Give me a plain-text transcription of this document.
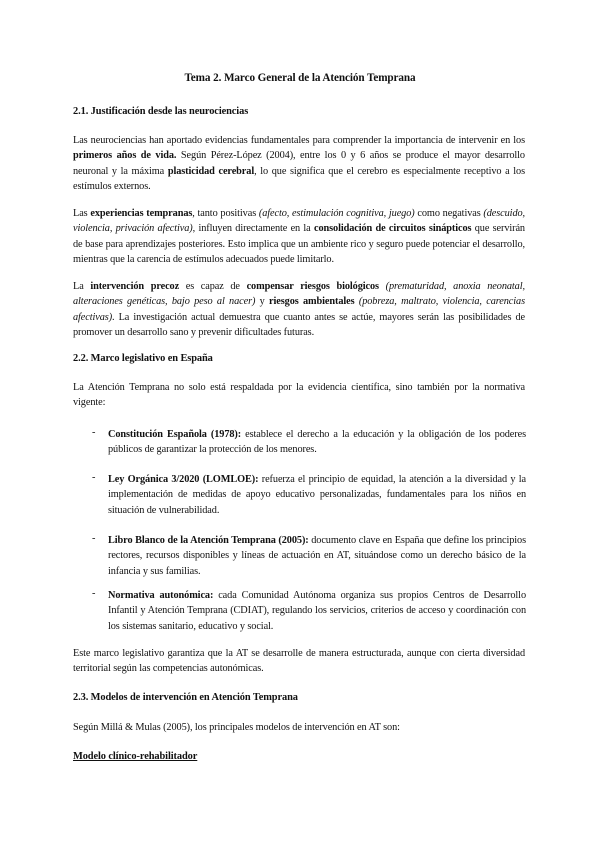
Tema 2. Marco General de la Atención Temprana
2.1. Justificación desde las neurociencias
Las neurociencias han aportado evidencias fundamentales para comprender la importancia de intervenir en los primeros años de vida. Según Pérez-López (2004), entre los 0 y 6 años se produce el mayor desarrollo neuronal y la máxima plasticidad cerebral, lo que significa que el cerebro es especialmente receptivo a los estímulos externos.
Las experiencias tempranas, tanto positivas (afecto, estimulación cognitiva, juego) como negativas (descuido, violencia, privación afectiva), influyen directamente en la consolidación de circuitos sinápticos que servirán de base para aprendizajes posteriores. Esto implica que un ambiente rico y seguro puede potenciar el desarrollo, mientras que la carencia de estímulos adecuados puede limitarlo.
La intervención precoz es capaz de compensar riesgos biológicos (prematuridad, anoxia neonatal, alteraciones genéticas, bajo peso al nacer) y riesgos ambientales (pobreza, maltrato, violencia, carencias afectivas). La investigación actual demuestra que cuanto antes se actúe, mayores serán las posibilidades de promover un desarrollo sano y prevenir dificultades futuras.
2.2. Marco legislativo en España
La Atención Temprana no solo está respaldada por la evidencia científica, sino también por la normativa vigente:
- Constitución Española (1978): establece el derecho a la educación y la obligación de los poderes públicos de garantizar la protección de los menores.
- Ley Orgánica 3/2020 (LOMLOE): refuerza el principio de equidad, la atención a la diversidad y la implementación de medidas de apoyo educativo personalizadas, fundamentales para los niños en situación de vulnerabilidad.
- Libro Blanco de la Atención Temprana (2005): documento clave en España que define los principios rectores, recursos disponibles y líneas de actuación en AT, situándose como un derecho básico de la infancia y sus familias.
- Normativa autonómica: cada Comunidad Autónoma organiza sus propios Centros de Desarrollo Infantil y Atención Temprana (CDIAT), regulando los servicios, criterios de acceso y coordinación con los sistemas sanitario, educativo y social.
Este marco legislativo garantiza que la AT se desarrolle de manera estructurada, aunque con cierta diversidad territorial según las competencias autonómicas.
2.3. Modelos de intervención en Atención Temprana
Según Millá & Mulas (2005), los principales modelos de intervención en AT son:
Modelo clínico-rehabilitador
